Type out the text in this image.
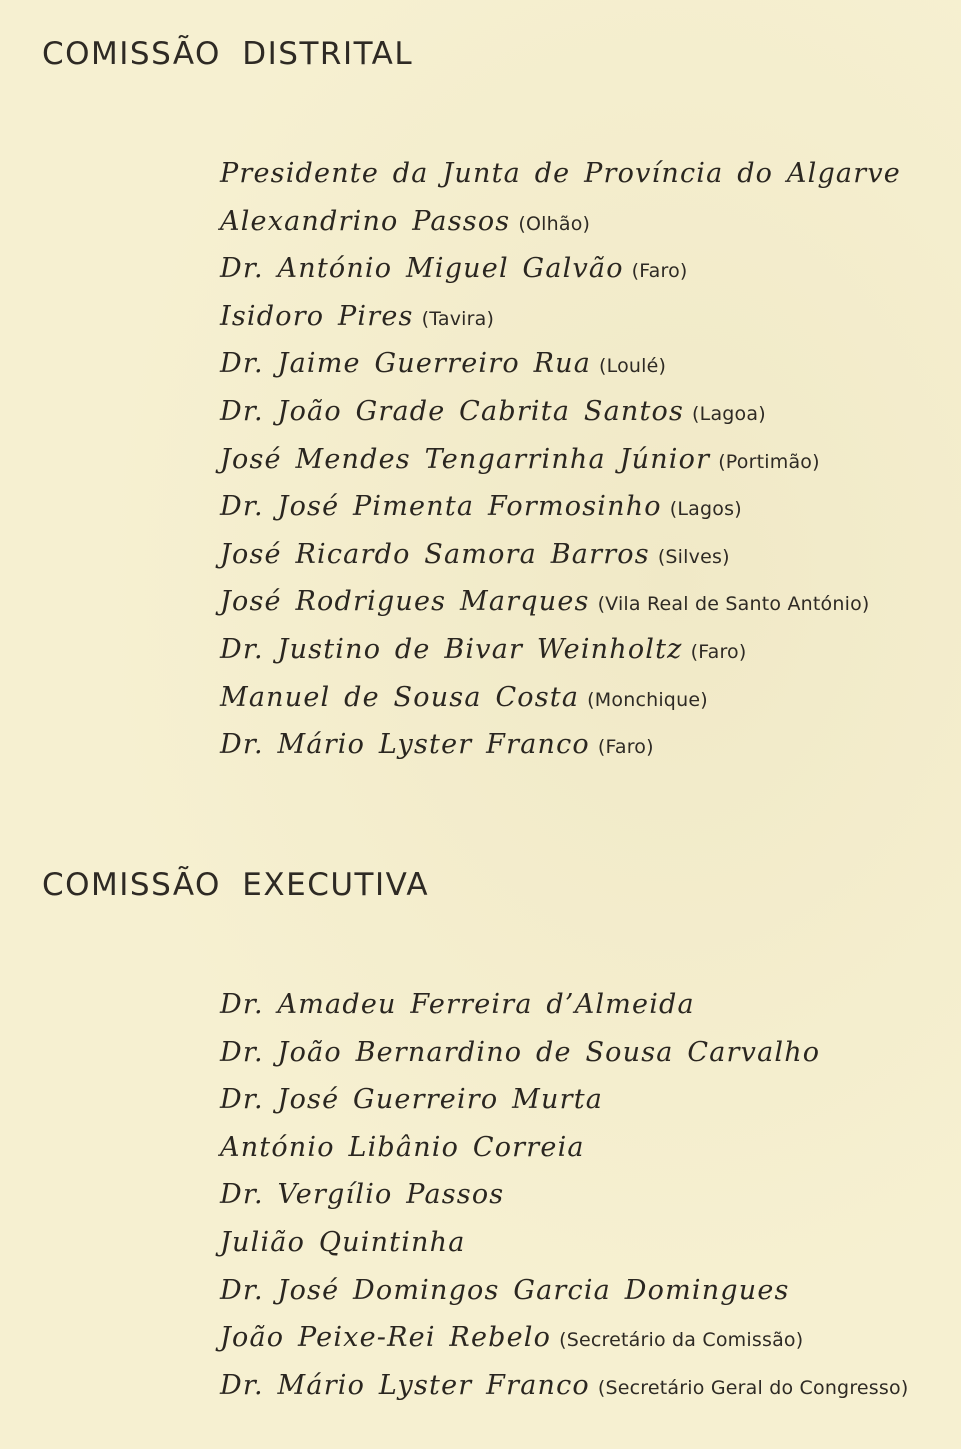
COMISSÃO DISTRITAL
Presidente da Junta de Província do Algarve
Alexandrino Passos (Olhão)
Dr. António Miguel Galvão (Faro)
Isidoro Pires (Tavira)
Dr. Jaime Guerreiro Rua (Loulé)
Dr. João Grade Cabrita Santos (Lagoa)
José Mendes Tengarrinha Júnior (Portimão)
Dr. José Pimenta Formosinho (Lagos)
José Ricardo Samora Barros (Silves)
José Rodrigues Marques (Vila Real de Santo António)
Dr. Justino de Bivar Weinholtz (Faro)
Manuel de Sousa Costa (Monchique)
Dr. Mário Lyster Franco (Faro)
COMISSÃO EXECUTIVA
Dr. Amadeu Ferreira d’Almeida
Dr. João Bernardino de Sousa Carvalho
Dr. José Guerreiro Murta
António Libânio Correia
Dr. Vergílio Passos
Julião Quintinha
Dr. José Domingos Garcia Domingues
João Peixe-Rei Rebelo (Secretário da Comissão)
Dr. Mário Lyster Franco (Secretário Geral do Congresso)
